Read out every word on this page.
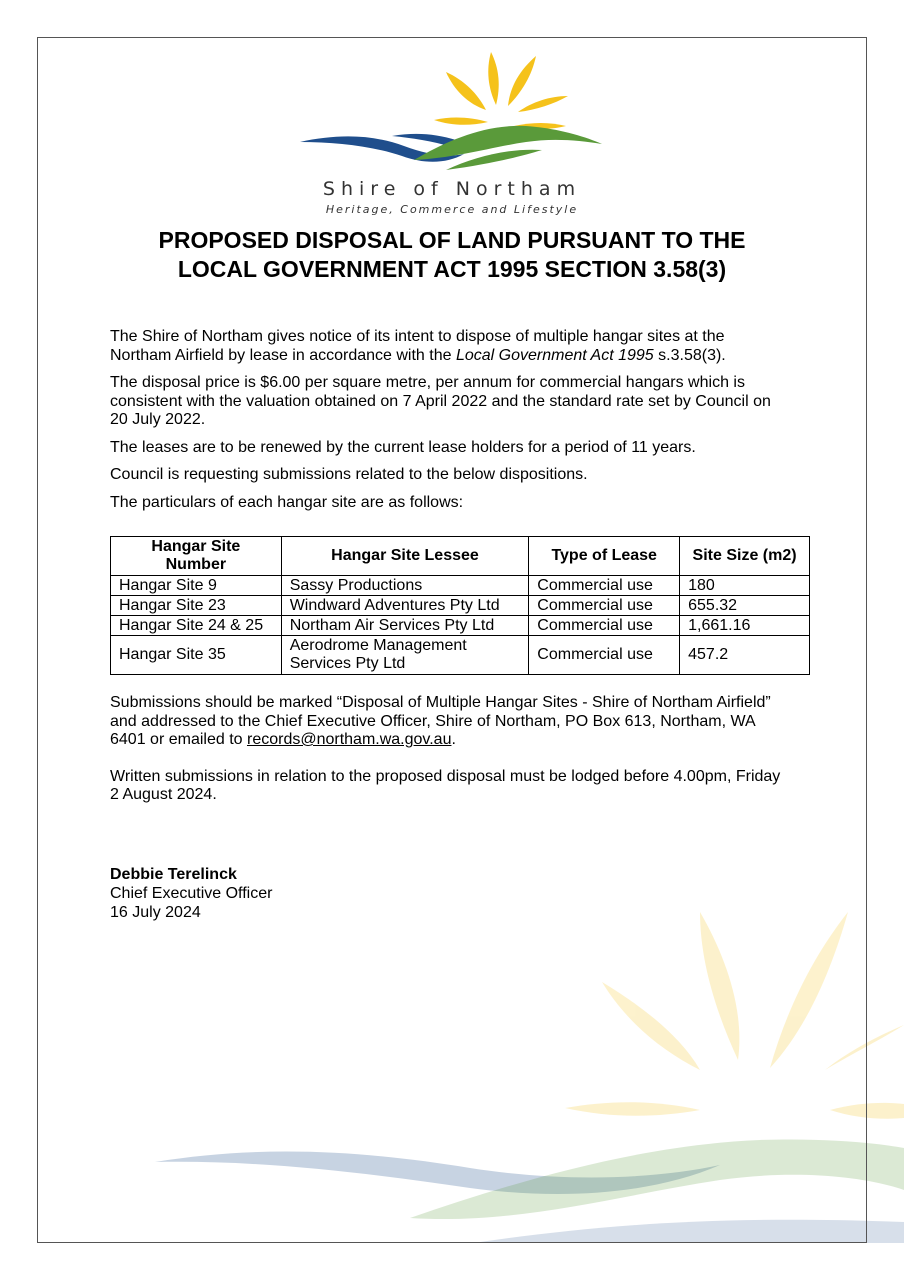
Shire of Northam
Heritage, Commerce and Lifestyle
PROPOSED DISPOSAL OF LAND PURSUANT TO THE
LOCAL GOVERNMENT ACT 1995 SECTION 3.58(3)

The Shire of Northam gives notice of its intent to dispose of multiple hangar sites at the Northam Airfield by lease in accordance with the Local Government Act 1995 s.3.58(3).

The disposal price is $6.00 per square metre, per annum for commercial hangars which is consistent with the valuation obtained on 7 April 2022 and the standard rate set by Council on 20 July 2022.

The leases are to be renewed by the current lease holders for a period of 11 years.

Council is requesting submissions related to the below dispositions.

The particulars of each hangar site are as follows:

Hangar Site Number	Hangar Site Lessee	Type of Lease	Site Size (m2)
Hangar Site 9	Sassy Productions	Commercial use	180
Hangar Site 23	Windward Adventures Pty Ltd	Commercial use	655.32
Hangar Site 24 & 25	Northam Air Services Pty Ltd	Commercial use	1,661.16
Hangar Site 35	Aerodrome Management Services Pty Ltd	Commercial use	457.2

Submissions should be marked “Disposal of Multiple Hangar Sites - Shire of Northam Airfield” and addressed to the Chief Executive Officer, Shire of Northam, PO Box 613, Northam, WA 6401 or emailed to records@northam.wa.gov.au.

Written submissions in relation to the proposed disposal must be lodged before 4.00pm, Friday 2 August 2024.

Debbie Terelinck
Chief Executive Officer
16 July 2024
